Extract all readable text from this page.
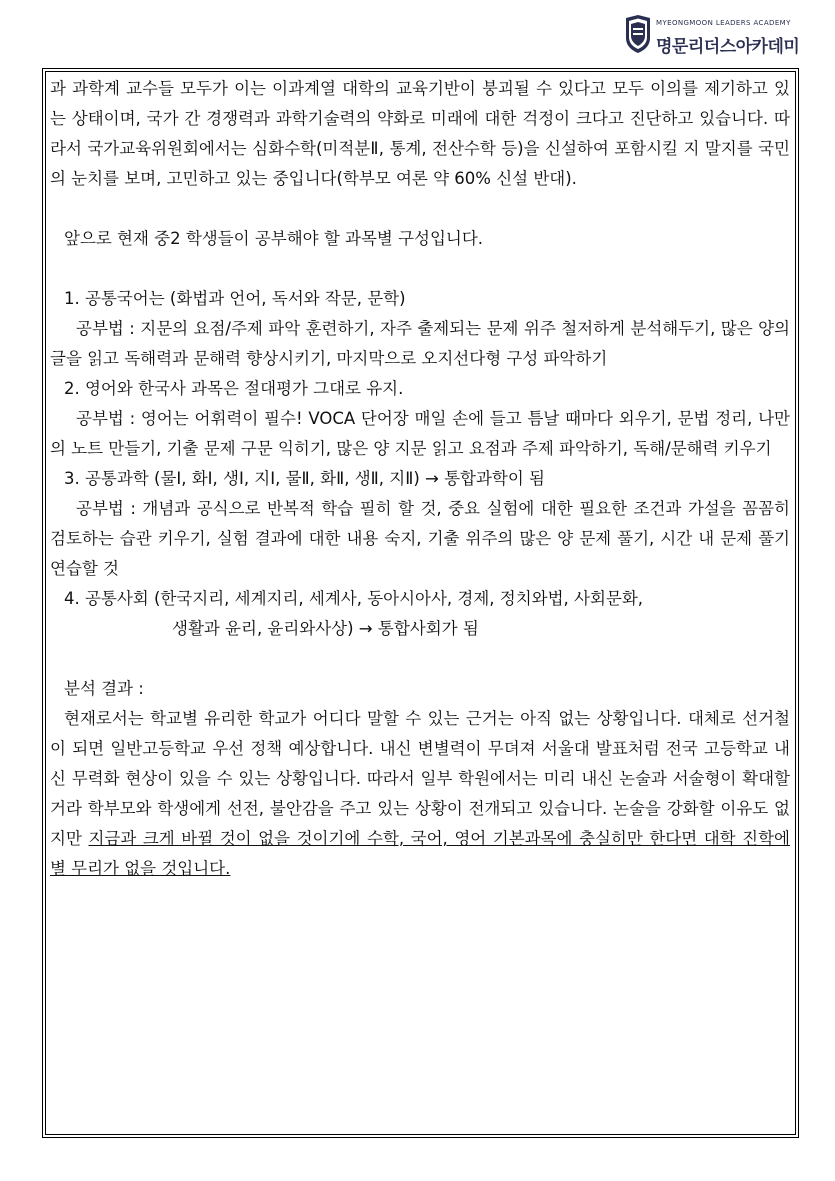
MYEONGMOON LEADERS ACADEMY
명문리더스아카데미
과 과학계 교수들 모두가 이는 이과계열 대학의 교육기반이 붕괴될 수 있다고 모두 이의를 제기하고 있는 상태이며, 국가 간 경쟁력과 과학기술력의 약화로 미래에 대한 걱정이 크다고 진단하고 있습니다. 따라서 국가교육위원회에서는 심화수학(미적분Ⅱ, 통계, 전산수학 등)을 신설하여 포함시킬 지 말지를 국민의 눈치를 보며, 고민하고 있는 중입니다(학부모 여론 약 60% 신설 반대).
앞으로 현재 중2 학생들이 공부해야 할 과목별 구성입니다.
1. 공통국어는 (화법과 언어, 독서와 작문, 문학)
공부법 : 지문의 요점/주제 파악 훈련하기, 자주 출제되는 문제 위주 철저하게 분석해두기, 많은 양의 글을 읽고 독해력과 문해력 향상시키기, 마지막으로 오지선다형 구성 파악하기
2. 영어와 한국사 과목은 절대평가 그대로 유지.
공부법 : 영어는 어휘력이 필수! VOCA 단어장 매일 손에 들고 틈날 때마다 외우기, 문법 정리, 나만의 노트 만들기, 기출 문제 구문 익히기, 많은 양 지문 읽고 요점과 주제 파악하기, 독해/문해력 키우기
3. 공통과학 (물Ⅰ, 화Ⅰ, 생Ⅰ, 지Ⅰ, 물Ⅱ, 화Ⅱ, 생Ⅱ, 지Ⅱ) → 통합과학이 됨
공부법 : 개념과 공식으로 반복적 학습 필히 할 것, 중요 실험에 대한 필요한 조건과 가설을 꼼꼼히 검토하는 습관 키우기, 실험 결과에 대한 내용 숙지, 기출 위주의 많은 양 문제 풀기, 시간 내 문제 풀기 연습할 것
4. 공통사회 (한국지리, 세계지리, 세계사, 동아시아사, 경제, 정치와법, 사회문화,
생활과 윤리, 윤리와사상) → 통합사회가 됨
분석 결과 :
현재로서는 학교별 유리한 학교가 어디다 말할 수 있는 근거는 아직 없는 상황입니다. 대체로 선거철이 되면 일반고등학교 우선 정책 예상합니다. 내신 변별력이 무뎌져 서울대 발표처럼 전국 고등학교 내신 무력화 현상이 있을 수 있는 상황입니다. 따라서 일부 학원에서는 미리 내신 논술과 서술형이 확대할 거라 학부모와 학생에게 선전, 불안감을 주고 있는 상황이 전개되고 있습니다. 논술을 강화할 이유도 없지만 지금과 크게 바뀔 것이 없을 것이기에 수학, 국어, 영어 기본과목에 충실히만 한다면 대학 진학에 별 무리가 없을 것입니다.
